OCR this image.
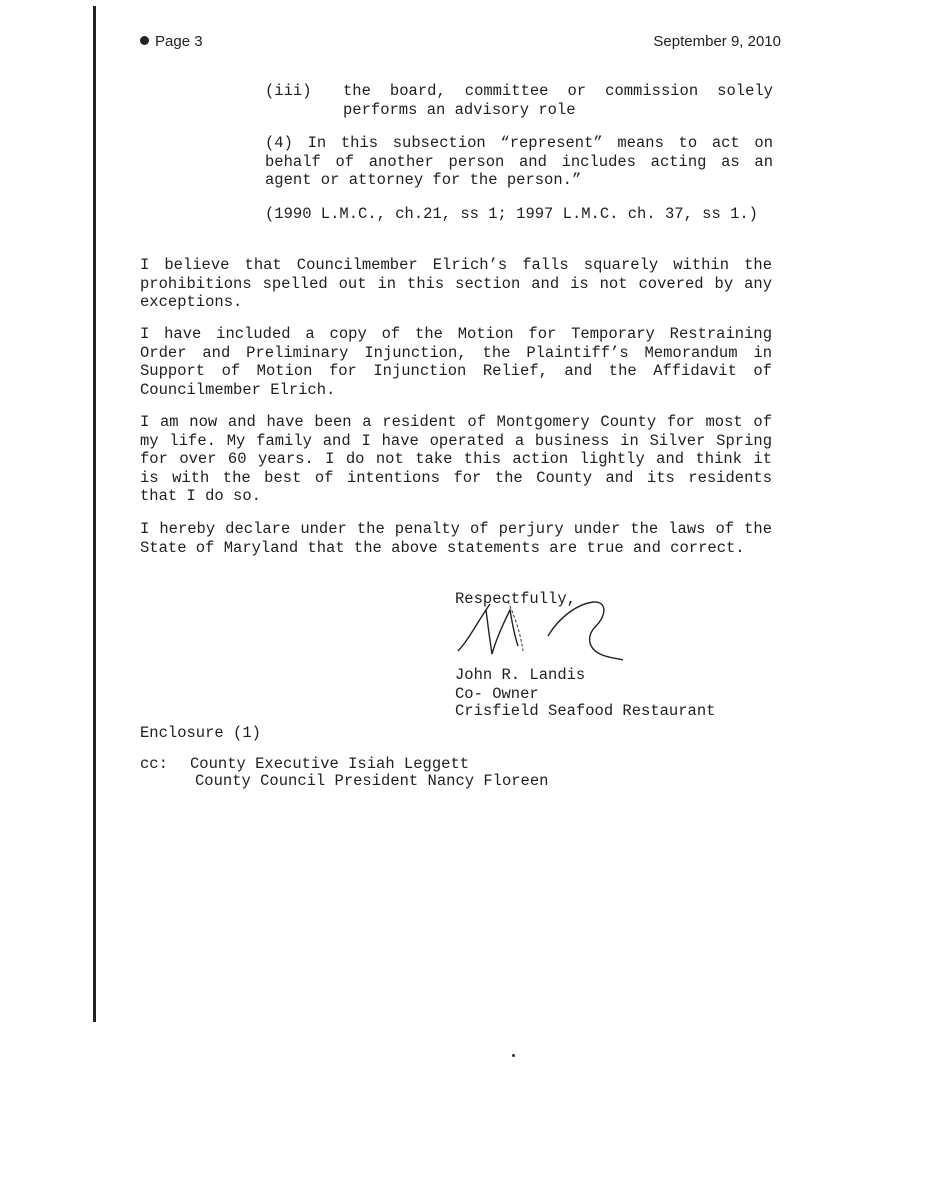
Page 3	September 9, 2010
(iii) the board, committee or commission solely performs an advisory role
(4) In this subsection “represent” means to act on behalf of another person and includes acting as an agent or attorney for the person.”
(1990 L.M.C., ch.21, ss 1; 1997 L.M.C. ch. 37, ss 1.)
I believe that Councilmember Elrich’s falls squarely within the prohibitions spelled out in this section and is not covered by any exceptions.
I have included a copy of the Motion for Temporary Restraining Order and Preliminary Injunction, the Plaintiff’s Memorandum in Support of Motion for Injunction Relief, and the Affidavit of Councilmember Elrich.
I am now and have been a resident of Montgomery County for most of my life. My family and I have operated a business in Silver Spring for over 60 years. I do not take this action lightly and think it is with the best of intentions for the County and its residents that I do so.
I hereby declare under the penalty of perjury under the laws of the State of Maryland that the above statements are true and correct.
Respectfully,
John R. Landis
Co- Owner
Crisfield Seafood Restaurant
Enclosure (1)
cc: County Executive Isiah Leggett
County Council President Nancy Floreen
